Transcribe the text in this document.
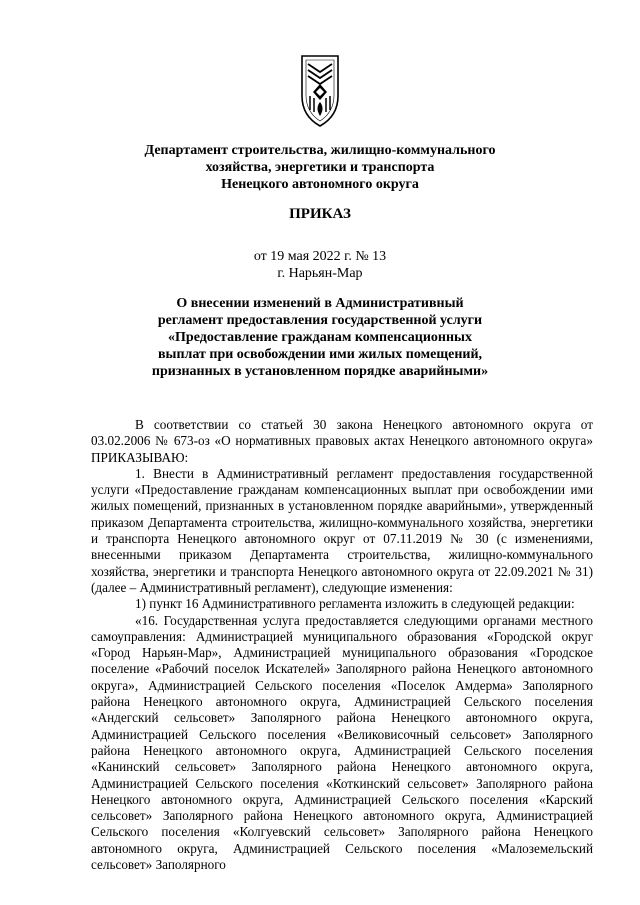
Департамент строительства, жилищно-коммунального
хозяйства, энергетики и транспорта
Ненецкого автономного округа
ПРИКАЗ
от 19 мая 2022 г. № 13
г. Нарьян-Мар
О внесении изменений в Административный
регламент предоставления государственной услуги
«Предоставление гражданам компенсационных
выплат при освобождении ими жилых помещений,
признанных в установленном порядке аварийными»

В соответствии со статьей 30 закона Ненецкого автономного округа от 03.02.2006 № 673-оз «О нормативных правовых актах Ненецкого автономного округа» ПРИКАЗЫВАЮ:

1. Внести в Административный регламент предоставления государственной услуги «Предоставление гражданам компенсационных выплат при освобождении ими жилых помещений, признанных в установленном порядке аварийными», утвержденный приказом Департамента строительства, жилищно-коммунального хозяйства, энергетики и транспорта Ненецкого автономного округ от 07.11.2019 № 30 (с изменениями, внесенными приказом Департамента строительства, жилищно-коммунального хозяйства, энергетики и транспорта Ненецкого автономного округа от 22.09.2021 № 31) (далее – Административный регламент), следующие изменения:

1) пункт 16 Административного регламента изложить в следующей редакции:

«16. Государственная услуга предоставляется следующими органами местного самоуправления: Администрацией муниципального образования «Городской округ «Город Нарьян-Мар», Администрацией муниципального образования «Городское поселение «Рабочий поселок Искателей» Заполярного района Ненецкого автономного округа», Администрацией Сельского поселения «Поселок Амдерма» Заполярного района Ненецкого автономного округа, Администрацией Сельского поселения «Андегский сельсовет» Заполярного района Ненецкого автономного округа, Администрацией Сельского поселения «Великовисочный сельсовет» Заполярного района Ненецкого автономного округа, Администрацией Сельского поселения «Канинский сельсовет» Заполярного района Ненецкого автономного округа, Администрацией Сельского поселения «Коткинский сельсовет» Заполярного района Ненецкого автономного округа, Администрацией Сельского поселения «Карский сельсовет» Заполярного района Ненецкого автономного округа, Администрацией Сельского поселения «Колгуевский сельсовет» Заполярного района Ненецкого автономного округа, Администрацией Сельского поселения «Малоземельский сельсовет» Заполярного
